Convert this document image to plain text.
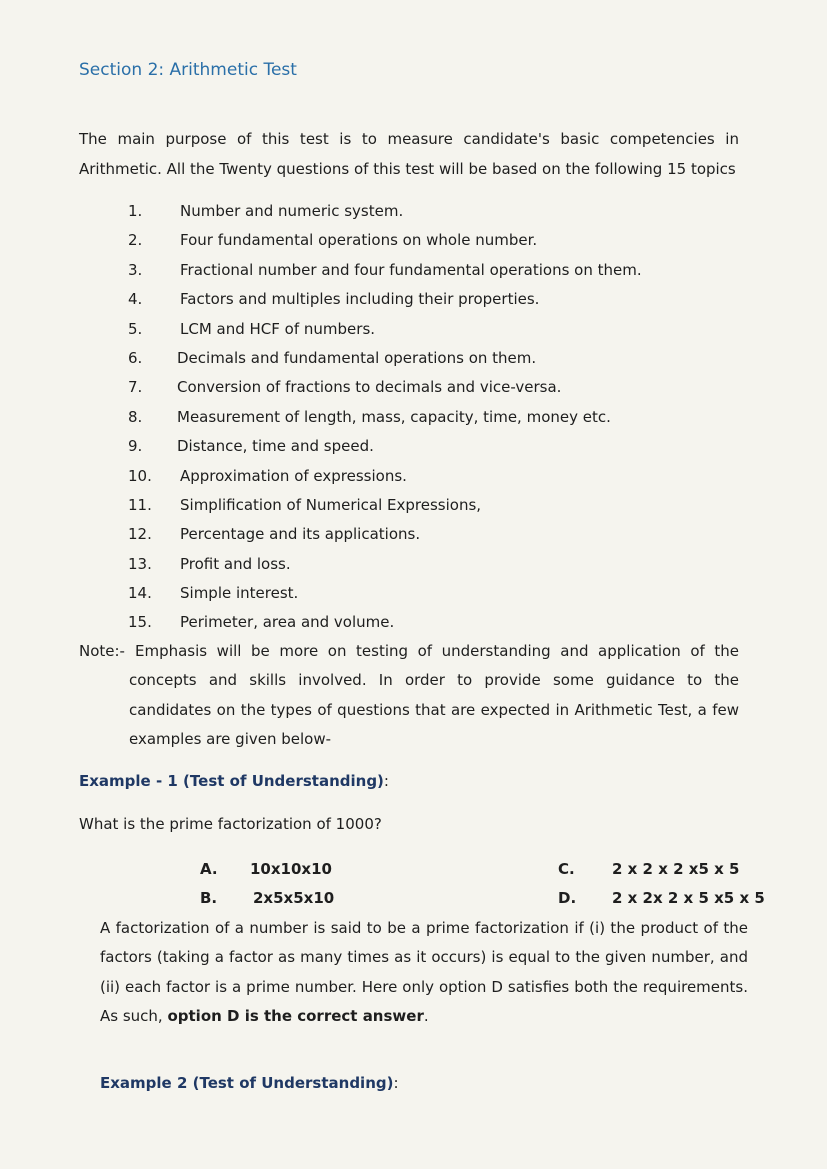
Section 2: Arithmetic Test

The main purpose of this test is to measure candidate's basic competencies in Arithmetic. All the Twenty questions of this test will be based on the following 15 topics

1.	Number and numeric system.
2.	Four fundamental operations on whole number.
3.	Fractional number and four fundamental operations on them.
4.	Factors and multiples including their properties.
5.	LCM and HCF of numbers.
6. Decimals and fundamental operations on them.
7. Conversion of fractions to decimals and vice-versa.
8. Measurement of length, mass, capacity, time, money etc.
9. Distance, time and speed.
10. Approximation of expressions.
11. Simplification of Numerical Expressions,
12. Percentage and its applications.
13. Profit and loss.
14. Simple interest.
15. Perimeter, area and volume.
Note:- Emphasis will be more on testing of understanding and application of the concepts and skills involved. In order to provide some guidance to the candidates on the types of questions that are expected in Arithmetic Test, a few examples are given below-
Example - 1 (Test of Understanding):
What is the prime factorization of 1000?
A. 10x10x10	C. 2 x 2 x 2 x5 x 5
B. 2x5x5x10	D. 2 x 2x 2 x 5 x5 x 5

A factorization of a number is said to be a prime factorization if (i) the product of the factors (taking a factor as many times as it occurs) is equal to the given number, and (ii) each factor is a prime number. Here only option D satisfies both the requirements. As such, option D is the correct answer.

Example 2 (Test of Understanding):
